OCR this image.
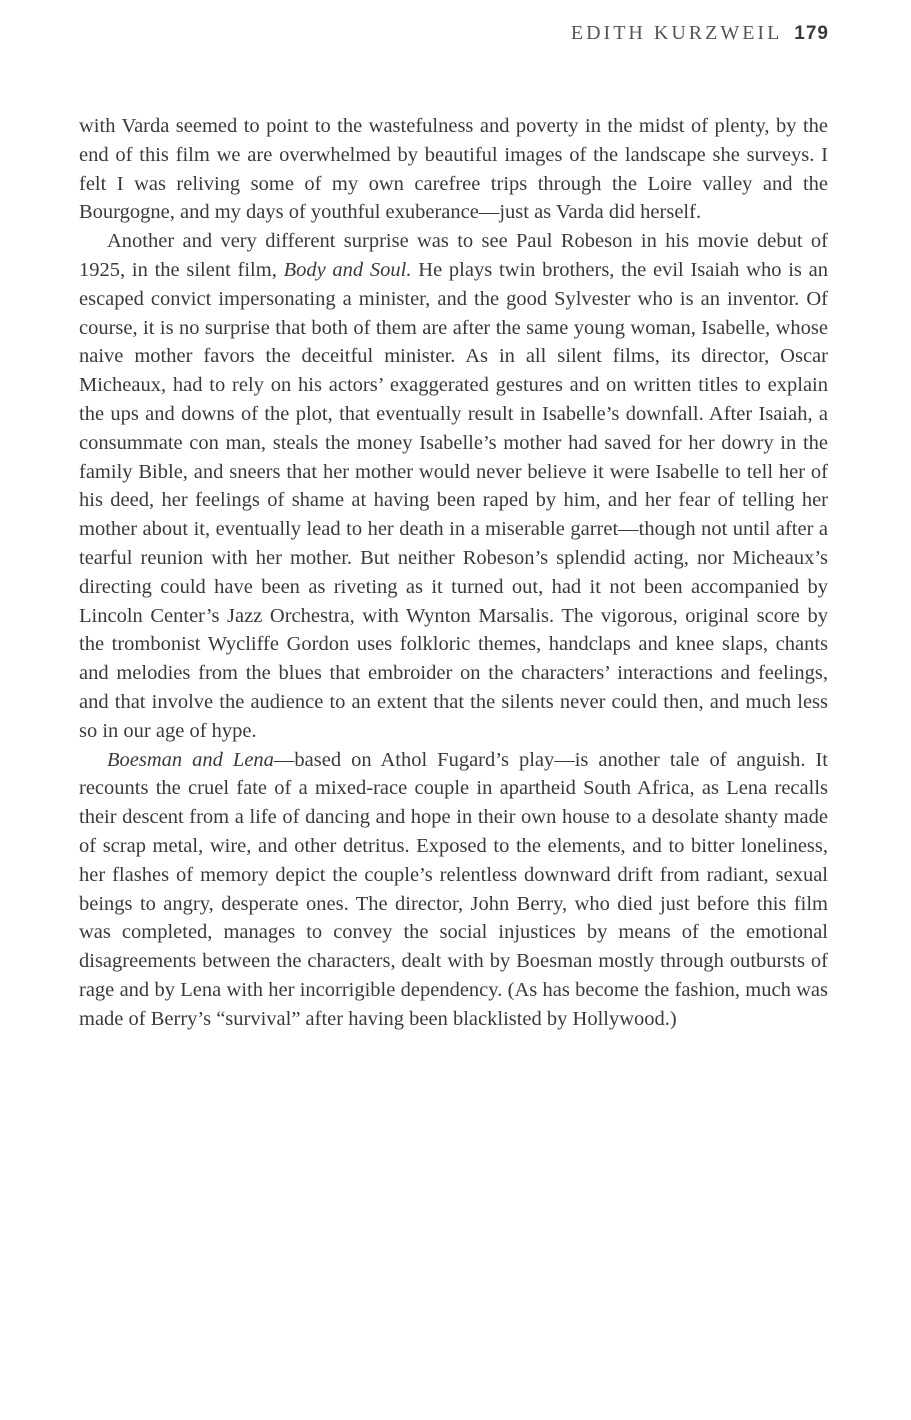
EDITH KURZWEIL 179

with Varda seemed to point to the wastefulness and poverty in the midst of plenty, by the end of this film we are overwhelmed by beautiful images of the landscape she surveys. I felt I was reliving some of my own carefree trips through the Loire valley and the Bourgogne, and my days of youthful exuberance—just as Varda did herself.

Another and very different surprise was to see Paul Robeson in his movie debut of 1925, in the silent film, Body and Soul. He plays twin brothers, the evil Isaiah who is an escaped convict impersonating a minister, and the good Sylvester who is an inventor. Of course, it is no surprise that both of them are after the same young woman, Isabelle, whose naive mother favors the deceitful minister. As in all silent films, its director, Oscar Micheaux, had to rely on his actors’ exaggerated gestures and on written titles to explain the ups and downs of the plot, that eventually result in Isabelle’s downfall. After Isaiah, a consummate con man, steals the money Isabelle’s mother had saved for her dowry in the family Bible, and sneers that her mother would never believe it were Isabelle to tell her of his deed, her feelings of shame at having been raped by him, and her fear of telling her mother about it, eventually lead to her death in a miserable garret—though not until after a tearful reunion with her mother. But neither Robeson’s splendid acting, nor Micheaux’s directing could have been as riveting as it turned out, had it not been accompanied by Lincoln Center’s Jazz Orchestra, with Wynton Marsalis. The vigorous, original score by the trombonist Wycliffe Gordon uses folkloric themes, handclaps and knee slaps, chants and melodies from the blues that embroider on the characters’ interactions and feelings, and that involve the audience to an extent that the silents never could then, and much less so in our age of hype.

Boesman and Lena—based on Athol Fugard’s play—is another tale of anguish. It recounts the cruel fate of a mixed-race couple in apartheid South Africa, as Lena recalls their descent from a life of dancing and hope in their own house to a desolate shanty made of scrap metal, wire, and other detritus. Exposed to the elements, and to bitter loneliness, her flashes of memory depict the couple’s relentless downward drift from radiant, sexual beings to angry, desperate ones. The director, John Berry, who died just before this film was completed, manages to convey the social injustices by means of the emotional disagreements between the characters, dealt with by Boesman mostly through outbursts of rage and by Lena with her incorrigible dependency. (As has become the fashion, much was made of Berry’s “survival” after having been blacklisted by Hollywood.)
